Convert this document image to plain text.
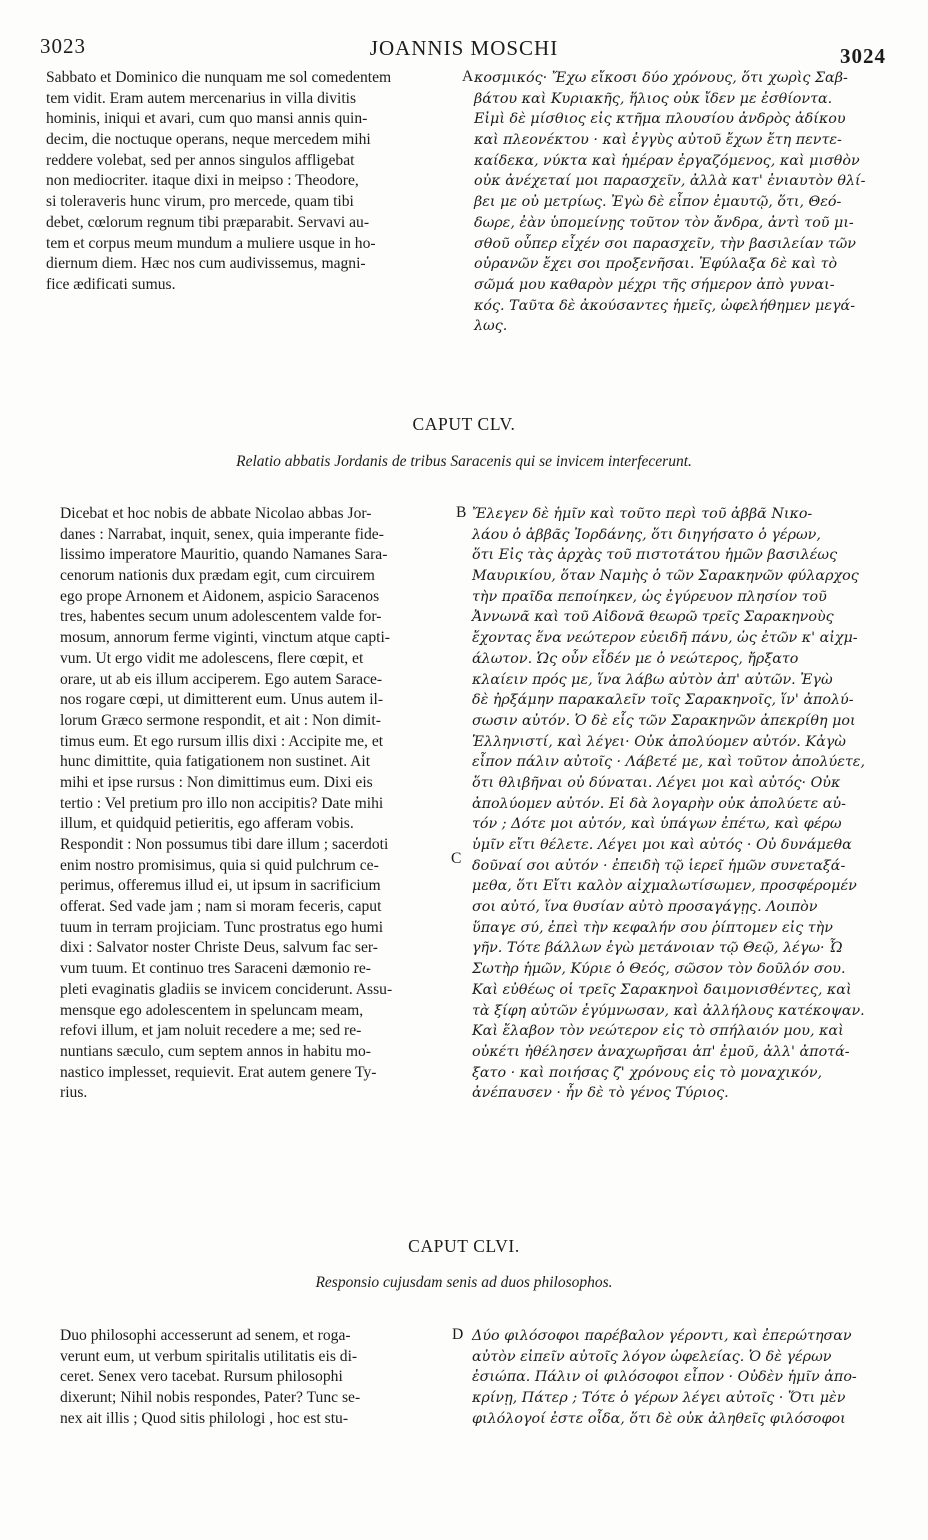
3023	JOANNIS MOSCHI	3024
Sabbato et Dominico die nunquam me sol comedentem
tem vidit. Eram autem mercenarius in villa divitis
hominis, iniqui et avari, cum quo mansi annis quin-
decim, die noctuque operans, neque mercedem mihi
reddere volebat, sed per annos singulos affligebat
non mediocriter. itaque dixi in meipso : Theodore,
si toleraveris hunc virum, pro mercede, quam tibi
debet, cœlorum regnum tibi præparabit. Servavi au-
tem et corpus meum mundum a muliere usque in ho-
diernum diem. Hæc nos cum audivissemus, magni-
fice ædificati sumus.
A κοσμικός· Ἔχω εἴκοσι δύο χρόνους, ὅτι χωρὶς Σαβ-
βάτου καὶ Κυριακῆς, ἥλιος οὐκ ἴδεν με ἐσθίοντα.
Εἰμὶ δὲ μίσθιος εἰς κτῆμα πλουσίου ἀνδρὸς ἀδίκου
καὶ πλεονέκτου · καὶ ἐγγὺς αὐτοῦ ἔχων ἔτη πεντε-
καίδεκα, νύκτα καὶ ἡμέραν ἐργαζόμενος, καὶ μισθὸν
οὐκ ἀνέχεταί μοι παρασχεῖν, ἀλλὰ κατ' ἐνιαυτὸν θλί-
βει με οὐ μετρίως. Ἐγὼ δὲ εἶπον ἐμαυτῷ, ὅτι, Θεό-
δωρε, ἐὰν ὑπομείνῃς τοῦτον τὸν ἄνδρα, ἀντὶ τοῦ μι-
σθοῦ οὗπερ εἶχέν σοι παρασχεῖν, τὴν βασιλείαν τῶν
οὐρανῶν ἔχει σοι προξενῆσαι. Ἐφύλαξα δὲ καὶ τὸ
σῶμά μου καθαρὸν μέχρι τῆς σήμερον ἀπὸ γυναι-
κός. Ταῦτα δὲ ἀκούσαντες ἡμεῖς, ὠφελήθημεν μεγά-
λως.
CAPUT CLV.
Relatio abbatis Jordanis de tribus Saracenis qui se invicem interfecerunt.
Dicebat et hoc nobis de abbate Nicolao abbas Jor-
danes : Narrabat, inquit, senex, quia imperante fide-
lissimo imperatore Mauritio, quando Namanes Sara-
cenorum nationis dux prædam egit, cum circuirem
ego prope Arnonem et Aidonem, aspicio Saracenos
tres, habentes secum unum adolescentem valde for-
mosum, annorum ferme viginti, vinctum atque capti-
vum. Ut ergo vidit me adolescens, flere cœpit, et
orare, ut ab eis illum acciperem. Ego autem Sarace-
nos rogare cœpi, ut dimitterent eum. Unus autem il-
lorum Græco sermone respondit, et ait : Non dimit-
timus eum. Et ego rursum illis dixi : Accipite me, et
hunc dimittite, quia fatigationem non sustinet. Ait
mihi et ipse rursus : Non dimittimus eum. Dixi eis
tertio : Vel pretium pro illo non accipitis? Date mihi
illum, et quidquid petieritis, ego afferam vobis.
Respondit : Non possumus tibi dare illum ; sacerdoti
enim nostro promisimus, quia si quid pulchrum ce-
perimus, offeremus illud ei, ut ipsum in sacrificium
offerat. Sed vade jam ; nam si moram feceris, caput
tuum in terram projiciam. Tunc prostratus ego humi
dixi : Salvator noster Christe Deus, salvum fac ser-
vum tuum. Et continuo tres Saraceni dæmonio re-
pleti evaginatis gladiis se invicem conciderunt. Assu-
mensque ego adolescentem in speluncam meam,
refovi illum, et jam noluit recedere a me; sed re-
nuntians sæculo, cum septem annos in habitu mo-
nastico implesset, requievit. Erat autem genere Ty-
rius.
B
C
Ἔλεγεν δὲ ἡμῖν καὶ τοῦτο περὶ τοῦ ἀββᾶ Νικο-
λάου ὁ ἀββᾶς Ἰορδάνης, ὅτι διηγήσατο ὁ γέρων,
ὅτι Εἰς τὰς ἀρχὰς τοῦ πιστοτάτου ἡμῶν βασιλέως
Μαυρικίου, ὅταν Ναμὴς ὁ τῶν Σαρακηνῶν φύλαρχος
τὴν πραῖδα πεποίηκεν, ὡς ἐγύρευον πλησίον τοῦ
Ἀννωνᾶ καὶ τοῦ Αἰδονᾶ θεωρῶ τρεῖς Σαρακηνοὺς
ἔχοντας ἕνα νεώτερον εὐειδῆ πάνυ, ὡς ἐτῶν κ' αἰχμ-
άλωτον. Ὡς οὖν εἶδέν με ὁ νεώτερος, ἤρξατο
κλαίειν πρός με, ἵνα λάβω αὐτὸν ἀπ' αὐτῶν. Ἐγὼ
δὲ ἠρξάμην παρακαλεῖν τοῖς Σαρακηνοῖς, ἵν' ἀπολύ-
σωσιν αὐτόν. Ὁ δὲ εἷς τῶν Σαρακηνῶν ἀπεκρίθη μοι
Ἑλληνιστί, καὶ λέγει· Οὐκ ἀπολύομεν αὐτόν. Κἀγὼ
εἶπον πάλιν αὐτοῖς · Λάβετέ με, καὶ τοῦτον ἀπολύετε,
ὅτι θλιβῆναι οὐ δύναται. Λέγει μοι καὶ αὐτός· Οὐκ
ἀπολύομεν αὐτόν. Εἰ δὰ λογαρὴν οὐκ ἀπολύετε αὐ-
τόν ; Δότε μοι αὐτόν, καὶ ὑπάγων ἐπέτω, καὶ φέρω
ὑμῖν εἴτι θέλετε. Λέγει μοι καὶ αὐτός · Οὐ δυνάμεθα
δοῦναί σοι αὐτόν · ἐπειδὴ τῷ ἱερεῖ ἡμῶν συνεταξά-
μεθα, ὅτι Εἴτι καλὸν αἰχμαλωτίσωμεν, προσφέρομέν
σοι αὐτό, ἵνα θυσίαν αὐτὸ προσαγάγῃς. Λοιπὸν
ὕπαγε σύ, ἐπεὶ τὴν κεφαλήν σου ῥίπτομεν εἰς τὴν
γῆν. Τότε βάλλων ἐγὼ μετάνοιαν τῷ Θεῷ, λέγω· Ὦ
Σωτὴρ ἡμῶν, Κύριε ὁ Θεός, σῶσον τὸν δοῦλόν σου.
Καὶ εὐθέως οἱ τρεῖς Σαρακηνοὶ δαιμονισθέντες, καὶ
τὰ ξίφη αὐτῶν ἐγύμνωσαν, καὶ ἀλλήλους κατέκοψαν.
Καὶ ἔλαβον τὸν νεώτερον εἰς τὸ σπήλαιόν μου, καὶ
οὐκέτι ἠθέλησεν ἀναχωρῆσαι ἀπ' ἐμοῦ, ἀλλ' ἀποτά-
ξατο · καὶ ποιήσας ζ' χρόνους εἰς τὸ μοναχικόν,
ἀνέπαυσεν · ἦν δὲ τὸ γένος Τύριος.
CAPUT CLVI.
Responsio cujusdam senis ad duos philosophos.
Duo philosophi accesserunt ad senem, et roga-
verunt eum, ut verbum spiritalis utilitatis eis di-
ceret. Senex vero tacebat. Rursum philosophi
dixerunt; Nihil nobis respondes, Pater? Tunc se-
nex ait illis ; Quod sitis philologi , hoc est stu-
D Δύο φιλόσοφοι παρέβαλον γέροντι, καὶ ἐπερώτησαν
αὐτὸν εἰπεῖν αὐτοῖς λόγον ὠφελείας. Ὁ δὲ γέρων
ἐσιώπα. Πάλιν οἱ φιλόσοφοι εἶπον · Οὐδὲν ἡμῖν ἀπο-
κρίνῃ, Πάτερ ; Τότε ὁ γέρων λέγει αὐτοῖς · Ὅτι μὲν
φιλόλογοί ἐστε οἶδα, ὅτι δὲ οὐκ ἀληθεῖς φιλόσοφοι
